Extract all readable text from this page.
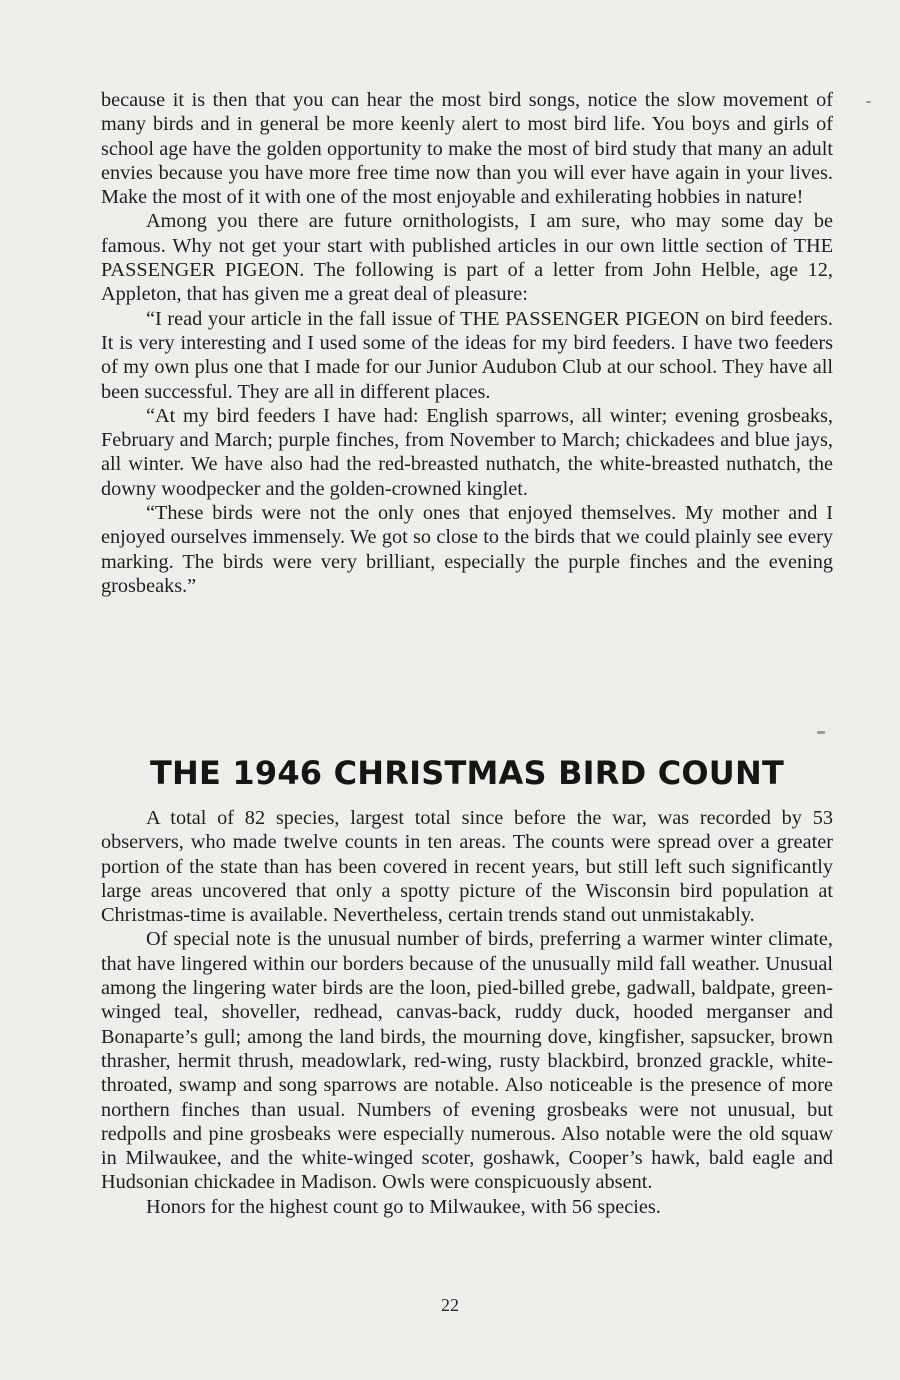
because it is then that you can hear the most bird songs, notice the slow movement of many birds and in general be more keenly alert to most bird life. You boys and girls of school age have the golden opportunity to make the most of bird study that many an adult envies because you have more free time now than you will ever have again in your lives. Make the most of it with one of the most enjoyable and exhilerating hobbies in nature!

Among you there are future ornithologists, I am sure, who may some day be famous. Why not get your start with published articles in our own little section of THE PASSENGER PIGEON. The following is part of a letter from John Helble, age 12, Appleton, that has given me a great deal of pleasure:

“I read your article in the fall issue of THE PASSENGER PIGEON on bird feeders. It is very interesting and I used some of the ideas for my bird feeders. I have two feeders of my own plus one that I made for our Junior Audubon Club at our school. They have all been successful. They are all in different places.

“At my bird feeders I have had: English sparrows, all winter; evening grosbeaks, February and March; purple finches, from November to March; chickadees and blue jays, all winter. We have also had the red-breasted nuthatch, the white-breasted nuthatch, the downy woodpecker and the golden-crowned kinglet.

“These birds were not the only ones that enjoyed themselves. My mother and I enjoyed ourselves immensely. We got so close to the birds that we could plainly see every marking. The birds were very brilliant, especially the purple finches and the evening grosbeaks.”

THE 1946 CHRISTMAS BIRD COUNT

A total of 82 species, largest total since before the war, was recorded by 53 observers, who made twelve counts in ten areas. The counts were spread over a greater portion of the state than has been covered in recent years, but still left such significantly large areas uncovered that only a spotty picture of the Wisconsin bird population at Christmas-time is available. Nevertheless, certain trends stand out unmistakably.

Of special note is the unusual number of birds, preferring a warmer winter climate, that have lingered within our borders because of the unusually mild fall weather. Unusual among the lingering water birds are the loon, pied-billed grebe, gadwall, baldpate, green-winged teal, shoveller, redhead, canvas-back, ruddy duck, hooded merganser and Bonaparte’s gull; among the land birds, the mourning dove, kingfisher, sapsucker, brown thrasher, hermit thrush, meadowlark, red-wing, rusty blackbird, bronzed grackle, white-throated, swamp and song sparrows are notable. Also noticeable is the presence of more northern finches than usual. Numbers of evening grosbeaks were not unusual, but redpolls and pine grosbeaks were especially numerous. Also notable were the old squaw in Milwaukee, and the white-winged scoter, goshawk, Cooper’s hawk, bald eagle and Hudsonian chickadee in Madison. Owls were conspicuously absent.

Honors for the highest count go to Milwaukee, with 56 species.

22
